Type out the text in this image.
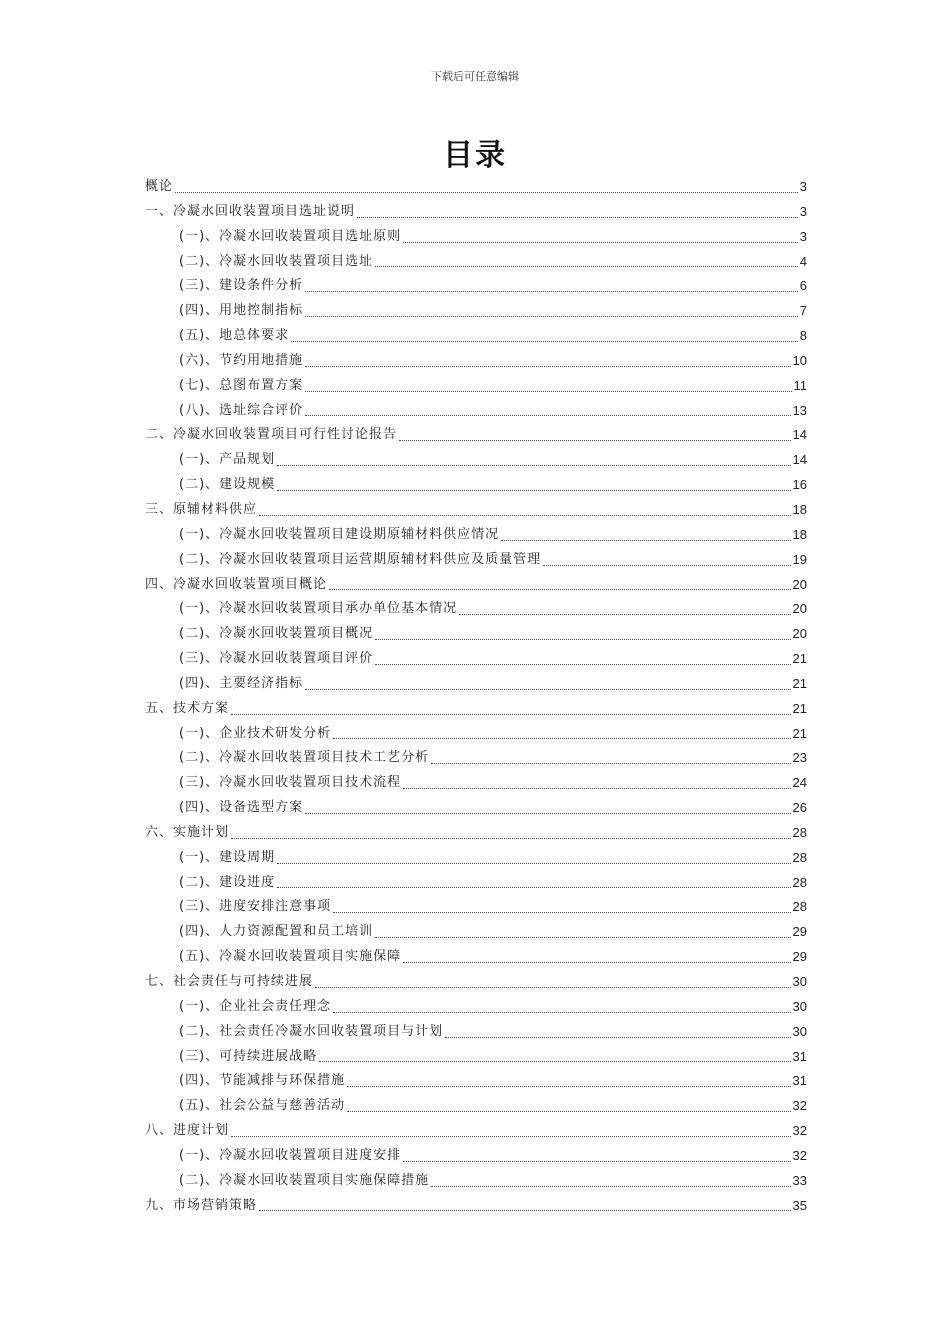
下载后可任意编辑
目录
概论	3
一、冷凝水回收装置项目选址说明	3
(一)、冷凝水回收装置项目选址原则	3
(二)、冷凝水回收装置项目选址	4
(三)、建设条件分析	6
(四)、用地控制指标	7
(五)、地总体要求	8
(六)、节约用地措施	10
(七)、总图布置方案	11
(八)、选址综合评价	13
二、冷凝水回收装置项目可行性讨论报告	14
(一)、产品规划	14
(二)、建设规模	16
三、原辅材料供应	18
(一)、冷凝水回收装置项目建设期原辅材料供应情况	18
(二)、冷凝水回收装置项目运营期原辅材料供应及质量管理	19
四、冷凝水回收装置项目概论	20
(一)、冷凝水回收装置项目承办单位基本情况	20
(二)、冷凝水回收装置项目概况	20
(三)、冷凝水回收装置项目评价	21
(四)、主要经济指标	21
五、技术方案	21
(一)、企业技术研发分析	21
(二)、冷凝水回收装置项目技术工艺分析	23
(三)、冷凝水回收装置项目技术流程	24
(四)、设备选型方案	26
六、实施计划	28
(一)、建设周期	28
(二)、建设进度	28
(三)、进度安排注意事项	28
(四)、人力资源配置和员工培训	29
(五)、冷凝水回收装置项目实施保障	29
七、社会责任与可持续进展	30
(一)、企业社会责任理念	30
(二)、社会责任冷凝水回收装置项目与计划	30
(三)、可持续进展战略	31
(四)、节能减排与环保措施	31
(五)、社会公益与慈善活动	32
八、进度计划	32
(一)、冷凝水回收装置项目进度安排	32
(二)、冷凝水回收装置项目实施保障措施	33
九、市场营销策略	35
